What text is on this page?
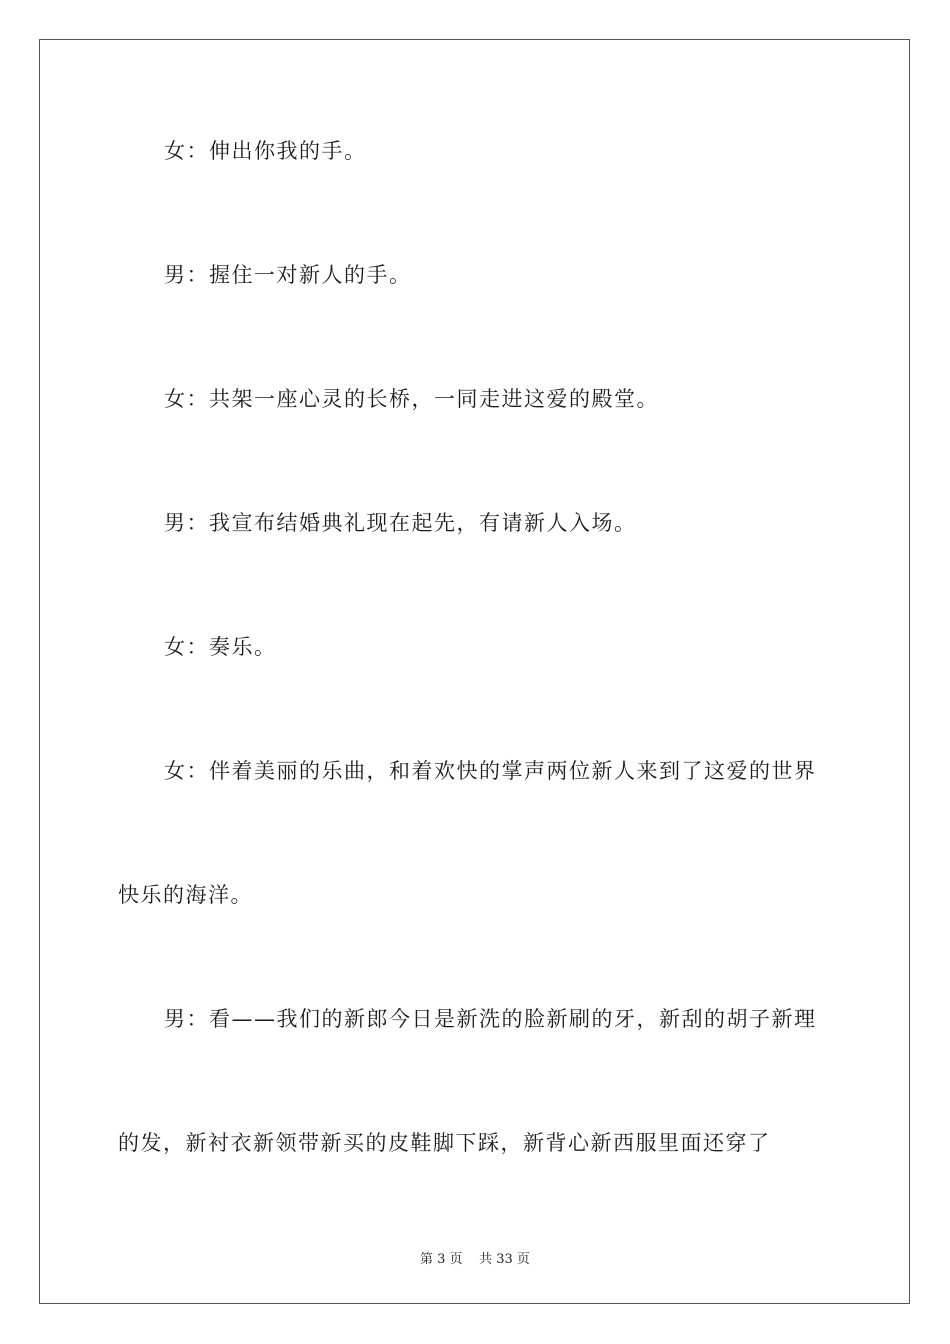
女：伸出你我的手。

男：握住一对新人的手。

女：共架一座心灵的长桥，一同走进这爱的殿堂。

男：我宣布结婚典礼现在起先，有请新人入场。

女：奏乐。

女：伴着美丽的乐曲，和着欢快的掌声两位新人来到了这爱的世界快乐的海洋。

男：看——我们的新郎今日是新洗的脸新刷的牙，新刮的胡子新理的发，新衬衣新领带新买的皮鞋脚下踩，新背心新西服里面还穿了

第 3 页 共 33 页
